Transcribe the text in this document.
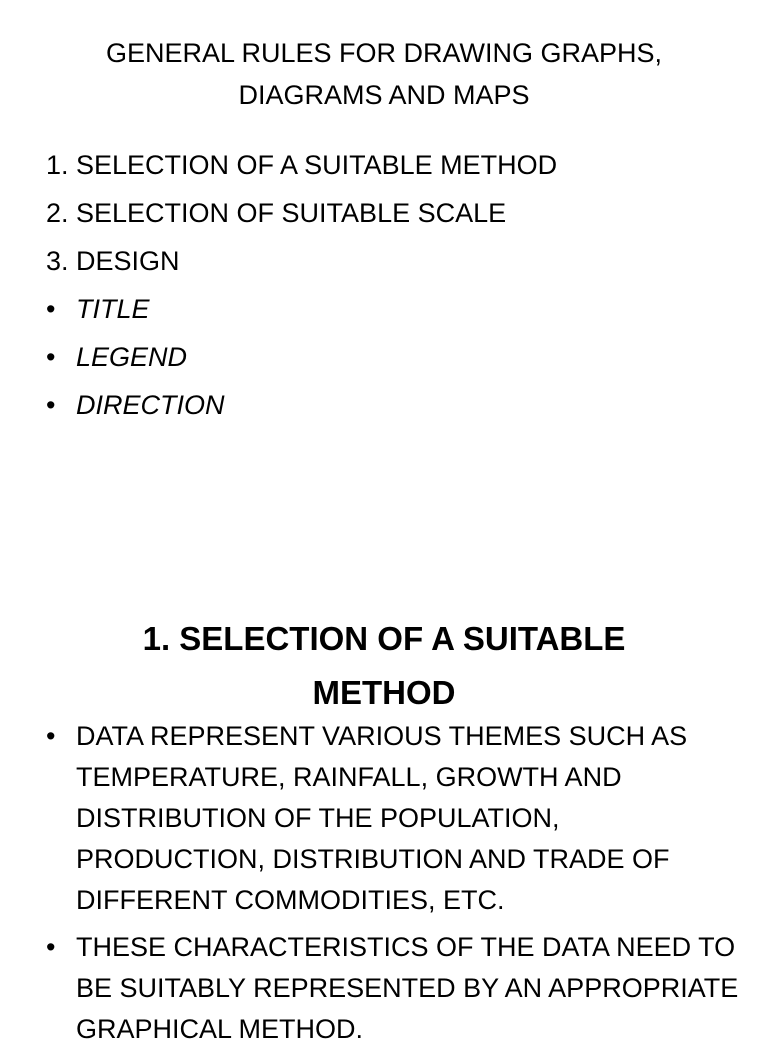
GENERAL RULES FOR DRAWING GRAPHS,
DIAGRAMS AND MAPS
1. SELECTION OF A SUITABLE METHOD
2. SELECTION OF SUITABLE SCALE
3. DESIGN
• TITLE
• LEGEND
• DIRECTION
1. SELECTION OF A SUITABLE
METHOD
• DATA REPRESENT VARIOUS THEMES SUCH AS
TEMPERATURE, RAINFALL, GROWTH AND
DISTRIBUTION OF THE POPULATION,
PRODUCTION, DISTRIBUTION AND TRADE OF
DIFFERENT COMMODITIES, ETC.
• THESE CHARACTERISTICS OF THE DATA NEED TO
BE SUITABLY REPRESENTED BY AN APPROPRIATE
GRAPHICAL METHOD.
